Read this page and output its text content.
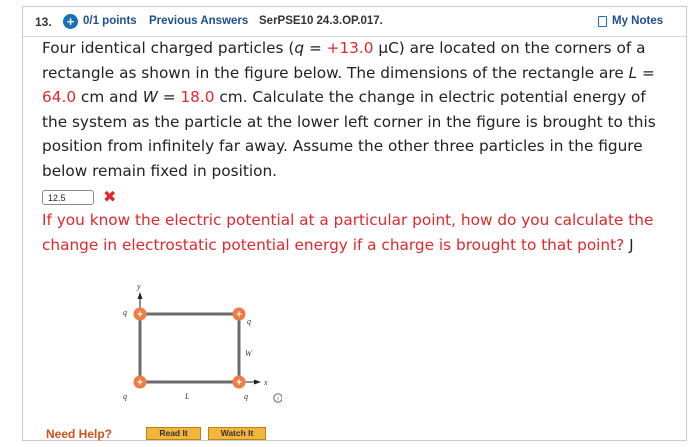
13. + 0/1 points Previous Answers SerPSE10 24.3.OP.017.	My Notes
Four identical charged particles (q = +13.0 μC) are located on the corners of a rectangle as shown in the figure below. The dimensions of the rectangle are L = 64.0 cm and W = 18.0 cm. Calculate the change in electric potential energy of the system as the particle at the lower left corner in the figure is brought to this position from infinitely far away. Assume the other three particles in the figure below remain fixed in position.
12.5	✖
If you know the electric potential at a particular point, how do you calculate the change in electrostatic potential energy if a charge is brought to that point? J
y
x
+	+
+	+
q
q
q	q
W
L	i
Need Help?	Read It	Watch It
